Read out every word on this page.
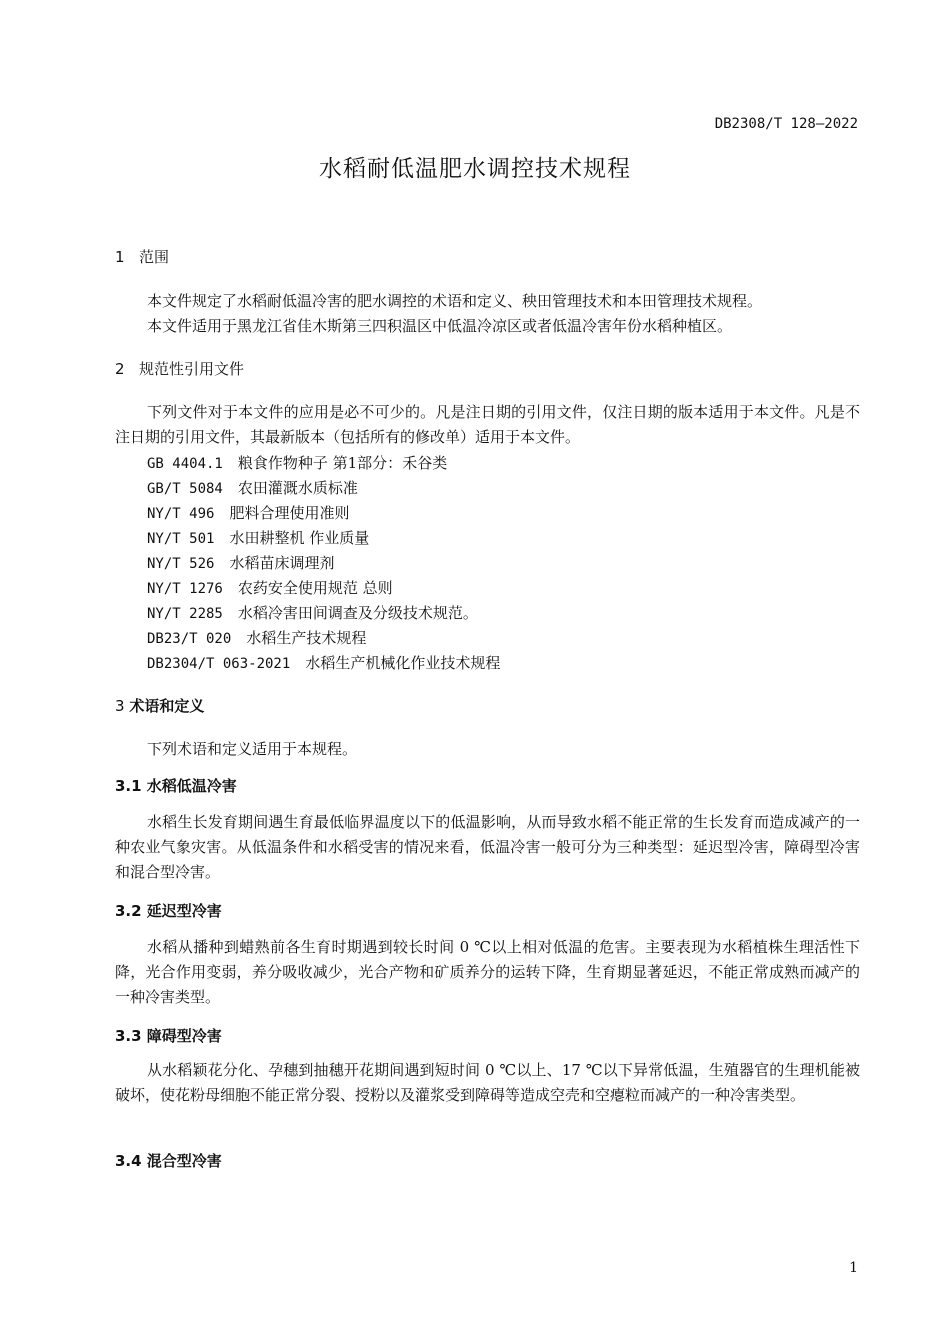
DB2308/T 128—2022
水稻耐低温肥水调控技术规程
1 范围
本文件规定了水稻耐低温冷害的肥水调控的术语和定义、秧田管理技术和本田管理技术规程。
本文件适用于黑龙江省佳木斯第三四积温区中低温冷凉区或者低温冷害年份水稻种植区。
2 规范性引用文件
下列文件对于本文件的应用是必不可少的。凡是注日期的引用文件，仅注日期的版本适用于本文件。凡是不注日期的引用文件，其最新版本（包括所有的修改单）适用于本文件。
GB 4404.1　 粮食作物种子 第1部分：禾谷类
GB/T 5084　 农田灌溉水质标准
NY/T 496　 肥料合理使用准则
NY/T 501　 水田耕整机 作业质量
NY/T 526　 水稻苗床调理剂
NY/T 1276　 农药安全使用规范 总则
NY/T 2285　 水稻冷害田间调查及分级技术规范。
DB23/T 020　 水稻生产技术规程
DB2304/T 063-2021　 水稻生产机械化作业技术规程
3 术语和定义
下列术语和定义适用于本规程。
3.1 水稻低温冷害
水稻生长发育期间遇生育最低临界温度以下的低温影响，从而导致水稻不能正常的生长发育而造成减产的一种农业气象灾害。从低温条件和水稻受害的情况来看，低温冷害一般可分为三种类型：延迟型冷害，障碍型冷害和混合型冷害。
3.2 延迟型冷害
水稻从播种到蜡熟前各生育时期遇到较长时间 0 ℃以上相对低温的危害。主要表现为水稻植株生理活性下降，光合作用变弱，养分吸收减少，光合产物和矿质养分的运转下降，生育期显著延迟，不能正常成熟而减产的一种冷害类型。
3.3 障碍型冷害
从水稻颖花分化、孕穗到抽穗开花期间遇到短时间 0 ℃以上、17 ℃以下异常低温，生殖器官的生理机能被破坏，使花粉母细胞不能正常分裂、授粉以及灌浆受到障碍等造成空壳和空瘪粒而减产的一种冷害类型。
3.4 混合型冷害
1
